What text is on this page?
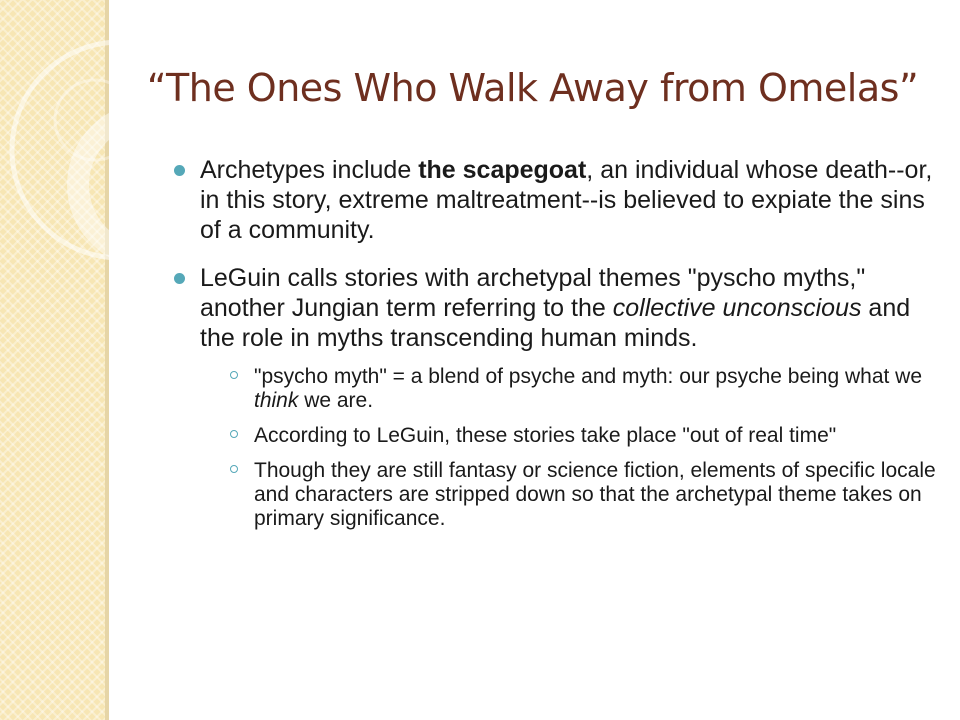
“The Ones Who Walk Away from Omelas”
Archetypes include the scapegoat, an individual whose death--or, in this story, extreme maltreatment--is believed to expiate the sins of a community.
LeGuin calls stories with archetypal themes "pyscho myths," another Jungian term referring to the collective unconscious and the role in myths transcending human minds.
"psycho myth" = a blend of psyche and myth: our psyche being what we think we are.
According to LeGuin, these stories take place "out of real time"
Though they are still fantasy or science fiction, elements of specific locale and characters are stripped down so that the archetypal theme takes on primary significance.
